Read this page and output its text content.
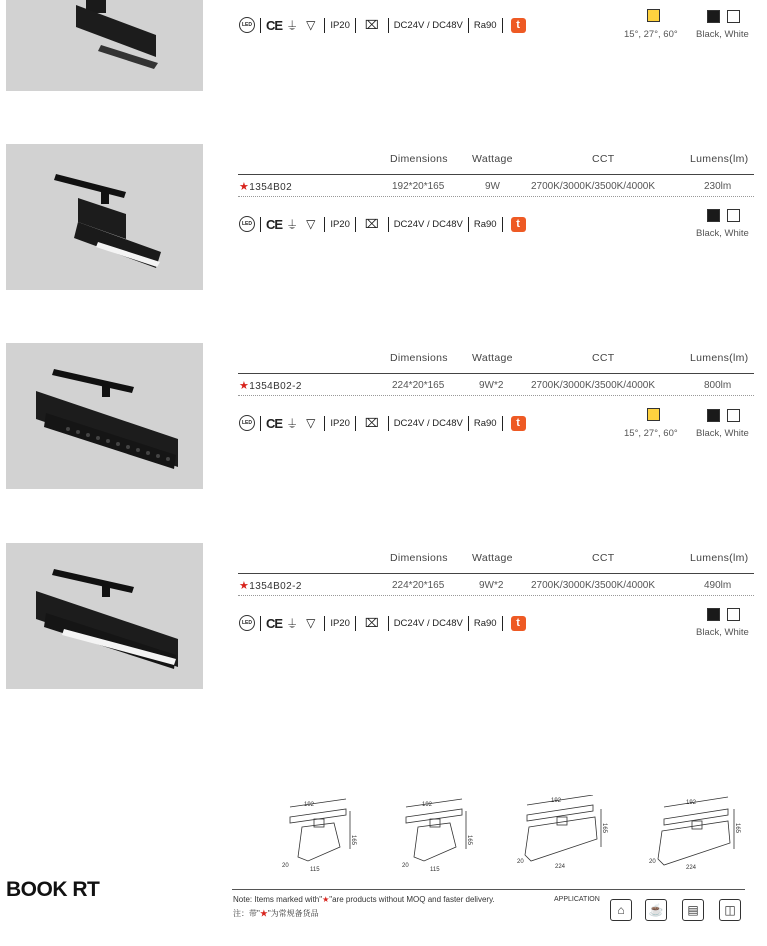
LED CE ⏚ ▽ IP20 ⌧ DC24V / DC48V Ra90	t
15°, 27°, 60° Black, White
Dimensions Wattage	CCT	Lumens(lm)
★1354B02	192*20*165	9W	2700K/3000K/3500K/4000K	230lm
LED CE ⏚ ▽ IP20 ⌧ DC24V / DC48V Ra90	t
Black, White
Dimensions Wattage	CCT	Lumens(lm)
★1354B02-2	224*20*165	9W*2	2700K/3000K/3500K/4000K	800lm
LED CE ⏚ ▽ IP20 ⌧ DC24V / DC48V Ra90	t
15°, 27°, 60° Black, White
Dimensions Wattage	CCT	Lumens(lm)
★1354B02-2	224*20*165	9W*2	2700K/3000K/3500K/4000K	490lm
LED CE ⏚ ▽ IP20 ⌧ DC24V / DC48V Ra90	t
Black, White
192
165
20
115
192
165
20
115
192
165
20
224
192
165
20
224
BOOK RT	Note: Items marked with"★"are products without MOQ and faster delivery.
注：带"★"为常规备货品
APPLICATION
⌂	☕	▤	◫
